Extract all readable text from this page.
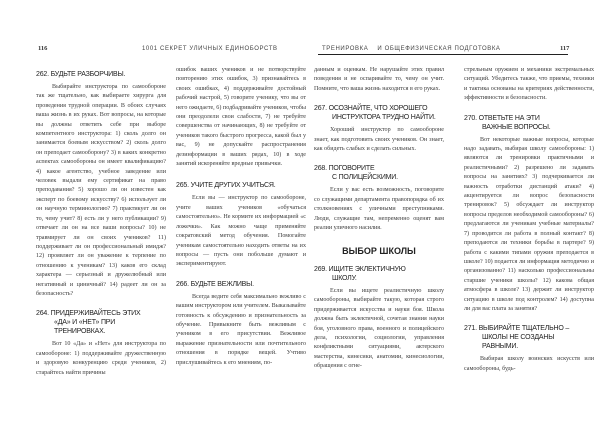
116	1001 СЕКРЕТ УЛИЧНЫХ ЕДИНОБОРСТВ	ТРЕНИРОВКА    И ОБЩЕФИЗИЧЕСКАЯ ПОДГОТОВКА	117
262. БУДЬТЕ РАЗБОРЧИВЫ.

Выбирайте инструктора по самообороне так же тщательно, как выбираете хирурга для проведения трудной операции. В обоих случаях ваша жизнь в их руках. Вот вопросы, на которые вы должны ответить себе при выборе компетентного инструктора: 1) сколь долго он занимается боевым искусством? 2) сколь долго он преподает самооборону? 3) в каких конкретно аспектах самообороны он имеет квалификацию? 4) какое агентство, учебное заведение или человек выдали ему сертификат на право преподавания? 5) хорошо ли он известен как эксперт по боевому искусству? 6) использует ли он научную терминологию? 7) практикует ли он то, чему учит? 8) есть ли у него публикации? 9) отвечает ли он на все ваши вопросы? 10) не травмирует ли он своих учеников? 11) поддерживает ли он профессиональный имидж? 12) проявляет ли он уважение к терпение по отношению к ученикам? 13) каков его склад характера — серьезный и дружелюбный или негативный и циничный? 14) радеет ли он за безопасность?

264. ПРИДЕРЖИВАЙТЕСЬ ЭТИХ
«ДА» И «НЕТ» ПРИ
ТРЕНИРОВКАХ.

Вот 10 «Да» и «Нет» для инструктора по самообороне: 1) поддерживайте дружественную и здоровую конкуренцию среди учеников, 2) старайтесь найти причины

ошибок ваших учеников и не потворствуйте повторению этих ошибок, 3) признавайтесь в своих ошибках, 4) поддерживайте достойный рабочий настрой, 5) говорите ученику, что вы от него ожидаете, 6) подбадривайте учеников, чтобы они преодолели свои слабости, 7) не требуйте совершенства от начинающих, 8) не требуйте от учеников такого быстрого прогресса, какой был у вас, 9) не допускайте распространения дезинформации в ваших рядах, 10) в ходе занятий искореняйте вредные привычки.

265. УЧИТЕ ДРУГИХ УЧИТЬСЯ.

Если вы — инструктор по самообороне, учите ваших учеников «обучаться самостоятельно». Не кормите их информацией «с ложечки». Как можно чаще применяйте сократовский метод обучения. Помогайте ученикам самостоятельно находить ответы на их вопросы — пусть они побольше думают и экспериментируют.

266. БУДЬТЕ ВЕЖЛИВЫ.

Всегда ведите себя максимально вежливо с вашим инструктором или учителем. Выказывайте готовность к обсуждению и признательность за обучение. Привыкните быть вежливым с учеником в его присутствии. Вежливое выражение признательности или почтительного отношения в порядке вещей. Учтиво прислушивайтесь к его мнениям, по-

данным и оценкам. Не нарушайте этих правил поведения и не оспаривайте то, чему он учит. Помните, что ваша жизнь находится в его руках.

267. ОСОЗНАЙТЕ, ЧТО ХОРОШЕГО
ИНСТРУКТОРА ТРУДНО НАЙТИ.

Хороший инструктор по самообороне знает, как подготовить своих учеников. Он знает, как обидеть слабых и сделать сильных.

268. ПОГОВОРИТЕ
С ПОЛИЦЕЙСКИМИ.

Если у вас есть возможность, поговорите со служащими департамента правопорядка об их столкновениях с уличными преступниками. Люди, служащие там, непременно оценят вам реалии уличного насилия.

ВЫБОР ШКОЛЫ
269. ИЩИТЕ ЭКЛЕКТИЧНУЮ
ШКОЛУ.

Если вы ищете реалистичную школу самообороны, выбирайте такую, которая строго придерживается искусства и науки боя. Школа должна быть эклектичной, сочетая знания науки боя, уголовного права, военного и полицейского дела, психологии, социологии, управления конфликтными ситуациями, актерского мастерства, кинесики, анатомии, кинесиологии, обращения с огне-

стрельным оружием и механики экстремальных ситуаций. Убедитесь также, что приемы, техники и тактика основаны на критериях действенности, эффективности и безопасности.

270. ОТВЕТЬТЕ НА ЭТИ
ВАЖНЫЕ ВОПРОСЫ.

Вот некоторые важные вопросы, которые надо задавать, выбирая школу самообороны: 1) являются ли тренировки практичными и реалистичными? 2) разрешено ли задавать вопросы на занятиях? 3) подчеркивается ли важность отработки дистанций атаки? 4) акцентируется ли вопрос безопасности тренировок? 5) обсуждает ли инструктор вопросы пределов необходимой самообороны? 6) предлагаются ли ученикам учебные материалы? 7) проводится ли работа в полный контакт? 8) преподаются ли техники борьбы в партере? 9) работа с какими типами оружия преподается в школе? 10) подается ли информация методично и организованно? 11) насколько профессиональны старшие ученики школы? 12) какова общая атмосфера в школе? 13) держит ли инструктор ситуацию в школе под контролем? 14) доступна ли для вас плата за занятия?

271. ВЫБИРАЙТЕ ТЩАТЕЛЬНО –
ШКОЛЫ НЕ СОЗДАНЫ
РАВНЫМИ.

Выбирая школу воинских искусств или самообороны, будь-
